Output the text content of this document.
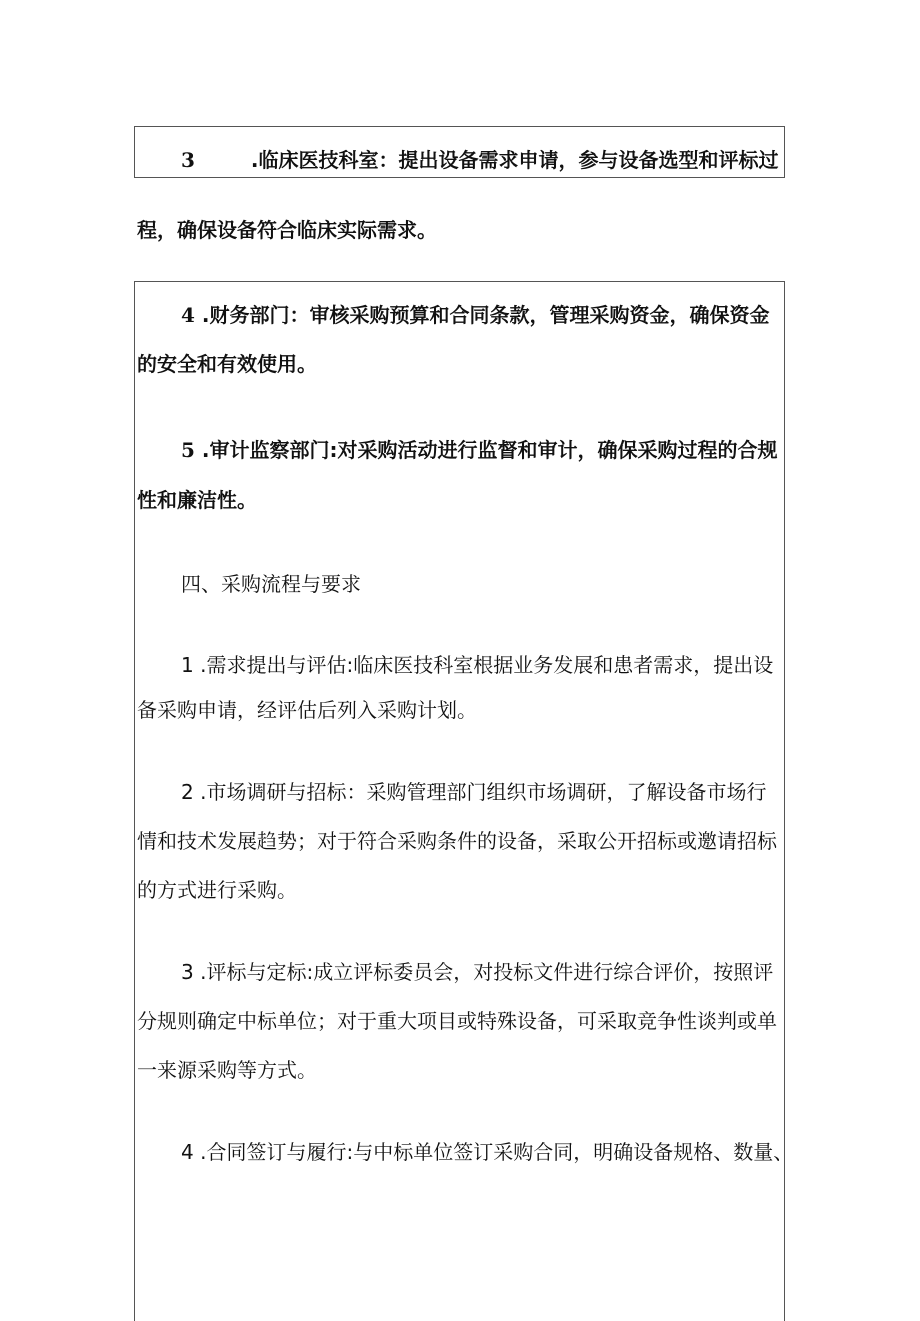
3	.临床医技科室：提出设备需求申请，参与设备选型和评标过
程，确保设备符合临床实际需求。
4 .财务部门：审核采购预算和合同条款，管理采购资金，确保资金
的安全和有效使用。
5 .审计监察部门:对采购活动进行监督和审计，确保采购过程的合规
性和廉洁性。
四、采购流程与要求
1 .需求提出与评估:临床医技科室根据业务发展和患者需求，提出设
备采购申请，经评估后列入采购计划。
2 .市场调研与招标：采购管理部门组织市场调研，了解设备市场行
情和技术发展趋势；对于符合采购条件的设备，采取公开招标或邀请招标
的方式进行采购。
3 .评标与定标:成立评标委员会，对投标文件进行综合评价，按照评
分规则确定中标单位；对于重大项目或特殊设备，可采取竞争性谈判或单
一来源采购等方式。
4 .合同签订与履行:与中标单位签订采购合同，明确设备规格、数量、
